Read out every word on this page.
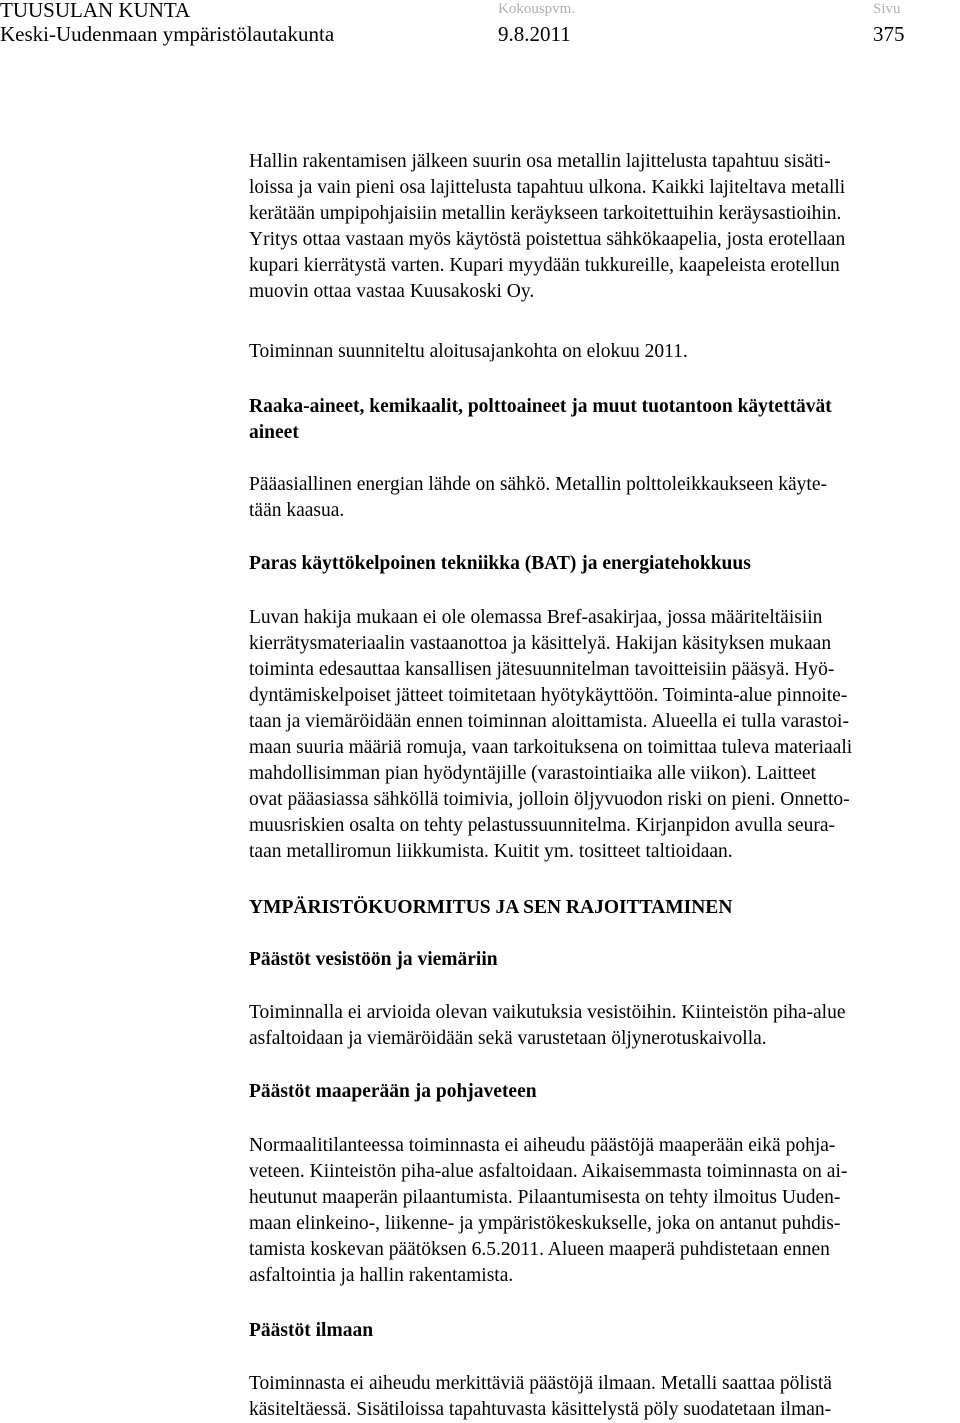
TUUSULAN KUNTA
Keski-Uudenmaan ympäristölautakunta
Kokouspvm.
9.8.2011
Sivu
375

Hallin rakentamisen jälkeen suurin osa metallin lajittelusta tapahtuu sisäti-
loissa ja vain pieni osa lajittelusta tapahtuu ulkona. Kaikki lajiteltava metalli
kerätään umpipohjaisiin metallin keräykseen tarkoitettuihin keräysastioihin.
Yritys ottaa vastaan myös käytöstä poistettua sähkökaapelia, josta erotellaan
kupari kierrätystä varten. Kupari myydään tukkureille, kaapeleista erotellun
muovin ottaa vastaa Kuusakoski Oy.

Toiminnan suunniteltu aloitusajankohta on elokuu 2011.

Raaka-aineet, kemikaalit, polttoaineet ja muut tuotantoon käytettävät
aineet

Pääasiallinen energian lähde on sähkö. Metallin polttoleikkaukseen käyte-
tään kaasua.

Paras käyttökelpoinen tekniikka (BAT) ja energiatehokkuus

Luvan hakija mukaan ei ole olemassa Bref-asakirjaa, jossa määriteltäisiin
kierrätysmateriaalin vastaanottoa ja käsittelyä. Hakijan käsityksen mukaan
toiminta edesauttaa kansallisen jätesuunnitelman tavoitteisiin pääsyä. Hyö-
dyntämiskelpoiset jätteet toimitetaan hyötykäyttöön. Toiminta-alue pinnoite-
taan ja viemäröidään ennen toiminnan aloittamista. Alueella ei tulla varastoi-
maan suuria määriä romuja, vaan tarkoituksena on toimittaa tuleva materiaali
mahdollisimman pian hyödyntäjille (varastointiaika alle viikon). Laitteet
ovat pääasiassa sähköllä toimivia, jolloin öljyvuodon riski on pieni. Onnetto-
muusriskien osalta on tehty pelastussuunnitelma. Kirjanpidon avulla seura-
taan metalliromun liikkumista. Kuitit ym. tositteet taltioidaan.

YMPÄRISTÖKUORMITUS JA SEN RAJOITTAMINEN
Päästöt vesistöön ja viemäriin

Toiminnalla ei arvioida olevan vaikutuksia vesistöihin. Kiinteistön piha-alue
asfaltoidaan ja viemäröidään sekä varustetaan öljynerotuskaivolla.

Päästöt maaperään ja pohjaveteen

Normaalitilanteessa toiminnasta ei aiheudu päästöjä maaperään eikä pohja-
veteen. Kiinteistön piha-alue asfaltoidaan. Aikaisemmasta toiminnasta on ai-
heutunut maaperän pilaantumista. Pilaantumisesta on tehty ilmoitus Uuden-
maan elinkeino-, liikenne- ja ympäristökeskukselle, joka on antanut puhdis-
tamista koskevan päätöksen 6.5.2011. Alueen maaperä puhdistetaan ennen
asfaltointia ja hallin rakentamista.

Päästöt ilmaan

Toiminnasta ei aiheudu merkittäviä päästöjä ilmaan. Metalli saattaa pölistä
käsiteltäessä. Sisätiloissa tapahtuvasta käsittelystä pöly suodatetaan ilman-
